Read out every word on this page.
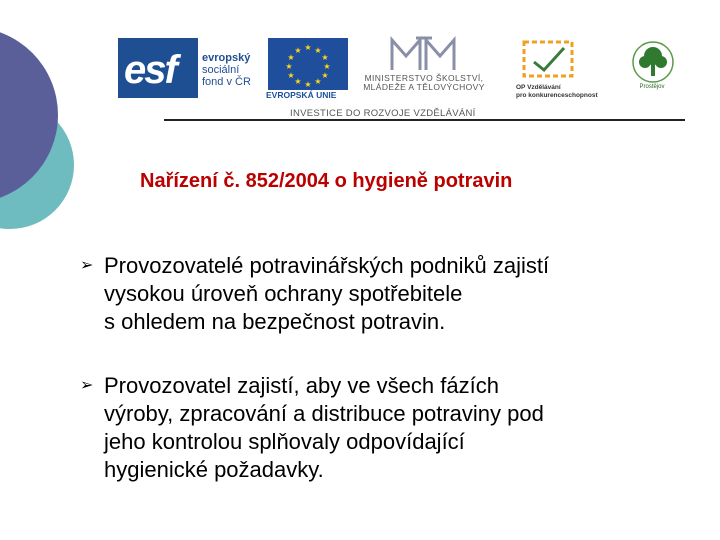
esf evropský
sociální
fond v ČR
★ ★
★
★
★
★
★
★
★
★
★
★
EVROPSKÁ UNIE
MINISTERSTVO ŠKOLSTVÍ,
MLÁDEŽE A TĚLOVÝCHOVY	OP Vzdělávání
pro konkurenceschopnost
Prostějov
INVESTICE DO ROZVOJE VZDĚLÁVÁNÍ
Nařízení č. 852/2004 o hygieně potravin
➢ Provozovatelé potravinářských podniků zajistí
vysokou úroveň ochrany spotřebitele
s ohledem na bezpečnost potravin.
➢ Provozovatel zajistí, aby ve všech fázích
výroby, zpracování a distribuce potraviny pod
jeho kontrolou splňovaly odpovídající
hygienické požadavky.
